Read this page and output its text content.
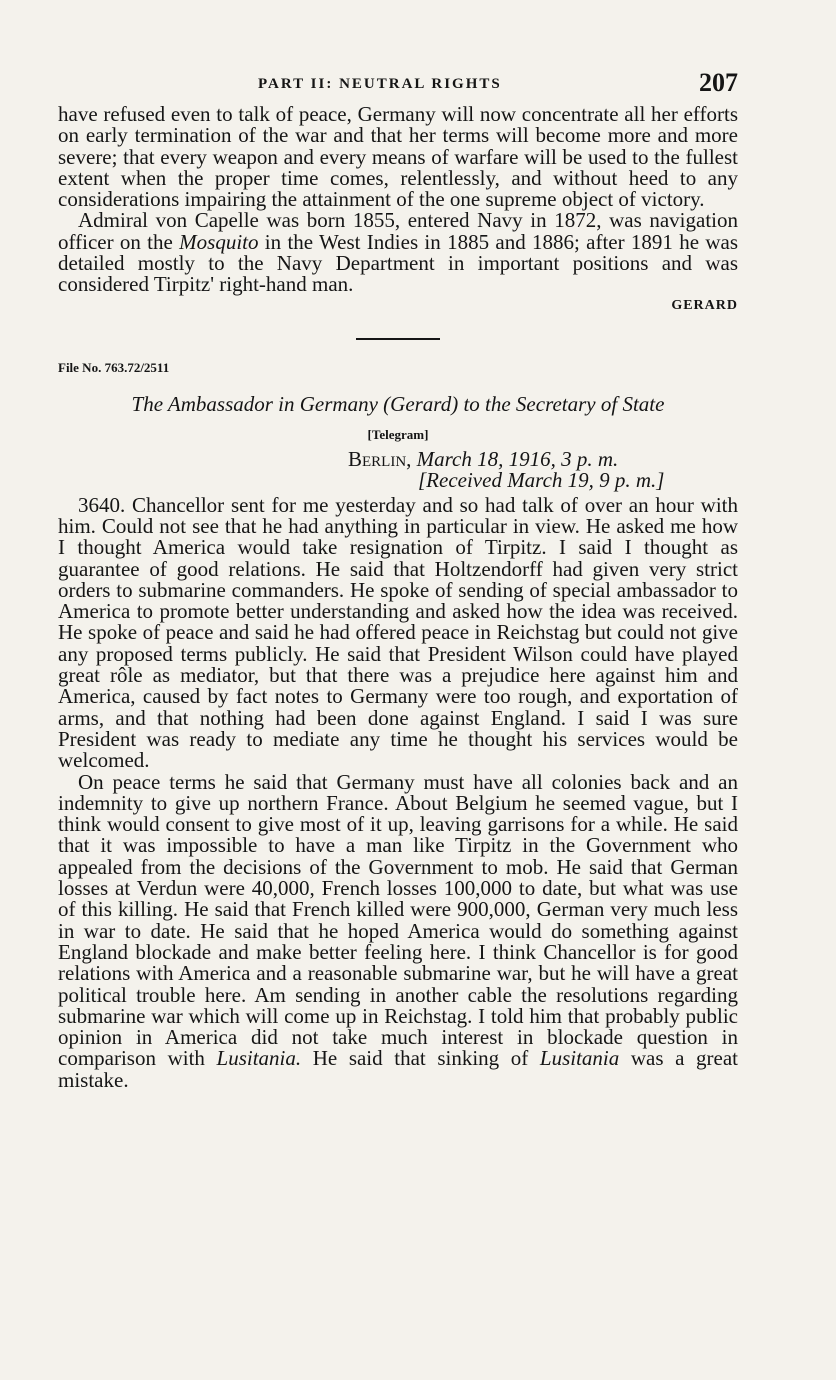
PART II: NEUTRAL RIGHTS	207

have refused even to talk of peace, Germany will now concentrate all her efforts on early termination of the war and that her terms will become more and more severe; that every weapon and every means of warfare will be used to the fullest extent when the proper time comes, relentlessly, and without heed to any considerations impairing the attainment of the one supreme object of victory.

Admiral von Capelle was born 1855, entered Navy in 1872, was navigation officer on the Mosquito in the West Indies in 1885 and 1886; after 1891 he was detailed mostly to the Navy Department in important positions and was considered Tirpitz' right-hand man.

GERARD
File No. 763.72/2511
The Ambassador in Germany (Gerard) to the Secretary of State
[Telegram]
Berlin, March 18, 1916, 3 p. m.
[Received March 19, 9 p. m.]

3640. Chancellor sent for me yesterday and so had talk of over an hour with him. Could not see that he had anything in particular in view. He asked me how I thought America would take resignation of Tirpitz. I said I thought as guarantee of good relations. He said that Holtzendorff had given very strict orders to submarine commanders. He spoke of sending of special ambassador to America to promote better understanding and asked how the idea was received. He spoke of peace and said he had offered peace in Reichstag but could not give any proposed terms publicly. He said that President Wilson could have played great rôle as mediator, but that there was a prejudice here against him and America, caused by fact notes to Germany were too rough, and exportation of arms, and that nothing had been done against England. I said I was sure President was ready to mediate any time he thought his services would be welcomed.

On peace terms he said that Germany must have all colonies back and an indemnity to give up northern France. About Belgium he seemed vague, but I think would consent to give most of it up, leaving garrisons for a while. He said that it was impossible to have a man like Tirpitz in the Government who appealed from the decisions of the Government to mob. He said that German losses at Verdun were 40,000, French losses 100,000 to date, but what was use of this killing. He said that French killed were 900,000, German very much less in war to date. He said that he hoped America would do something against England blockade and make better feeling here. I think Chancellor is for good relations with America and a reasonable submarine war, but he will have a great political trouble here. Am sending in another cable the resolutions regarding submarine war which will come up in Reichstag. I told him that probably public opinion in America did not take much interest in blockade question in comparison with Lusitania. He said that sinking of Lusitania was a great mistake.
